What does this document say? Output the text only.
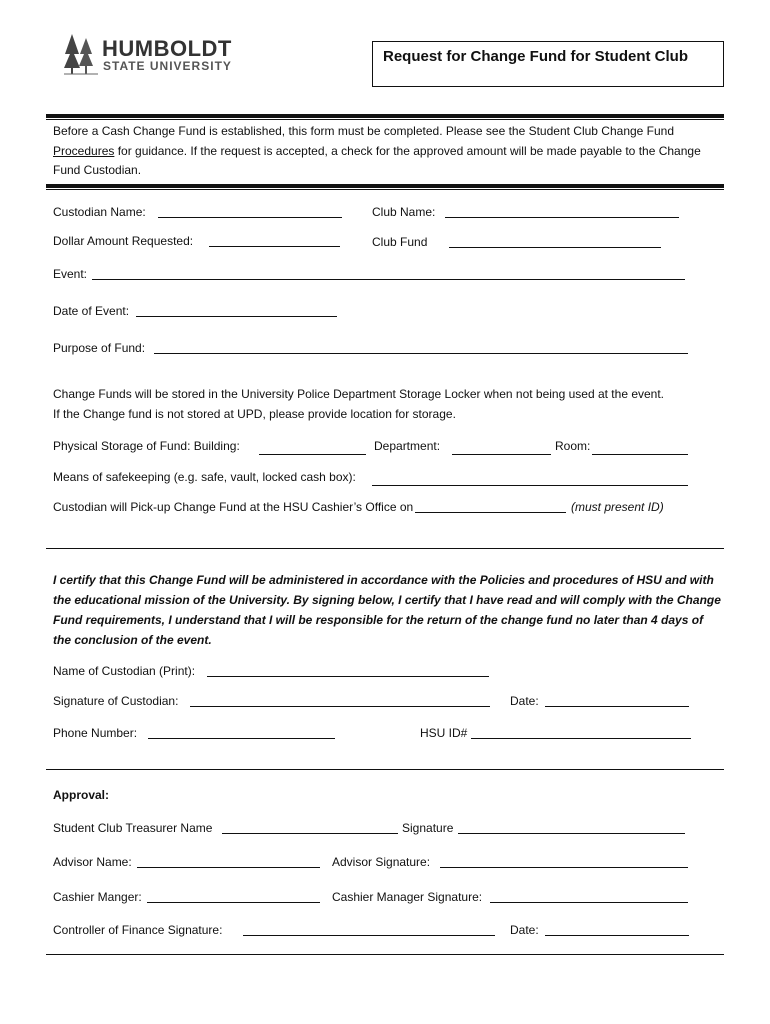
HUMBOLDT
STATE UNIVERSITY
Request for Change Fund for Student Club
Before a Cash Change Fund is established, this form must be completed. Please see the Student Club Change Fund Procedures for guidance. If the request is accepted, a check for the approved amount will be made payable to the Change Fund Custodian.
Custodian Name:	Club Name:
Dollar Amount Requested:	Club Fund
Event:
Date of Event:
Purpose of Fund:
Change Funds will be stored in the University Police Department Storage Locker when not being used at the event.
If the Change fund is not stored at UPD, please provide location for storage.
Physical Storage of Fund: Building:	Department:	Room:
Means of safekeeping (e.g. safe, vault, locked cash box):
Custodian will Pick-up Change Fund at the HSU Cashier’s Office on	(must present ID)
I certify that this Change Fund will be administered in accordance with the Policies and procedures of HSU and with the educational mission of the University. By signing below, I certify that I have read and will comply with the Change Fund requirements, I understand that I will be responsible for the return of the change fund no later than 4 days of the conclusion of the event.
Name of Custodian (Print):
Signature of Custodian:	Date:
Phone Number:	HSU ID#
Approval:
Student Club Treasurer Name	Signature
Advisor Name:	Advisor Signature:
Cashier Manger:	Cashier Manager Signature:
Controller of Finance Signature:	Date:
